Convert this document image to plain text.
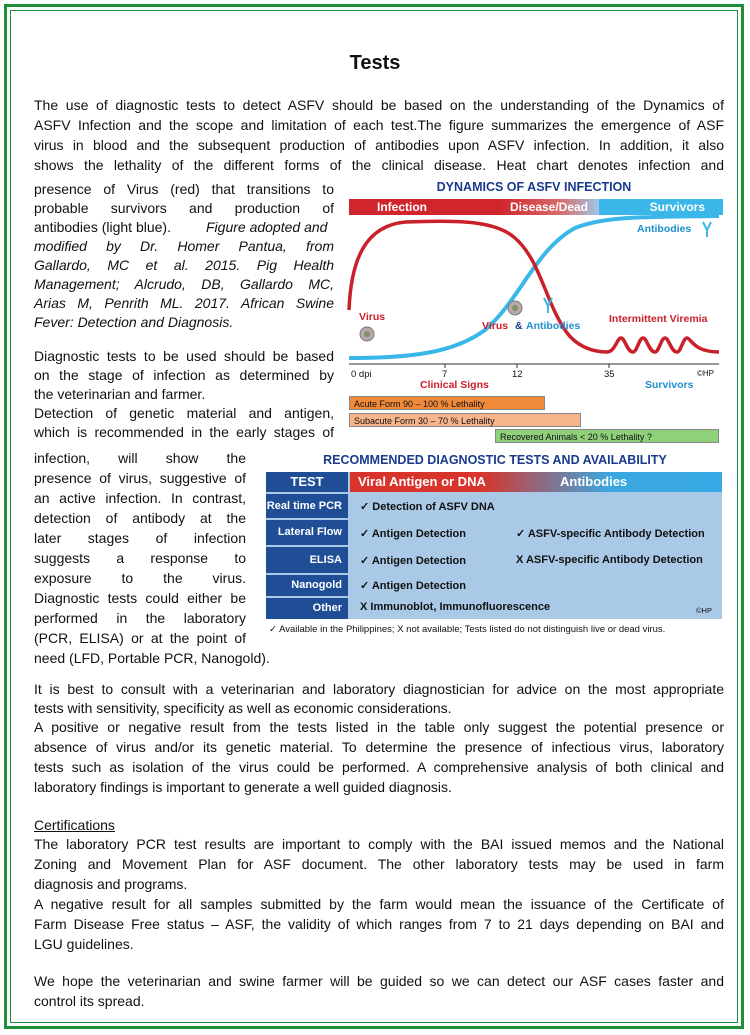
Tests
The use of diagnostic tests to detect ASFV should be based on the understanding of the Dynamics of
ASFV Infection and the scope and limitation of each test.The figure summarizes the emergence of ASF
virus in blood and the subsequent production of antibodies upon ASFV infection. In addition, it also
shows the lethality of the different forms of the clinical disease. Heat chart denotes infection and
presence of Virus (red) that transitions to
probable survivors and production of
antibodies (light blue).	Figure adopted and
modified by Dr. Homer Pantua, from
Gallardo, MC et al. 2015. Pig Health
Management; Alcrudo, DB, Gallardo MC,
Arias M, Penrith ML. 2017. African Swine
Fever: Detection and Diagnosis.
Diagnostic tests to be used should be based
on the stage of infection as determined by
the veterinarian and farmer.
Detection of genetic material and antigen,
which is recommended in the early stages of
infection, will show the
presence of virus, suggestive of
an active infection. In contrast,
detection of antibody at the
later stages of infection
suggests a response to
exposure to the virus.
Diagnostic tests could either be
performed in the laboratory
(PCR, ELISA) or at the point of
need (LFD, Portable PCR, Nanogold).
DYNAMICS OF ASFV INFECTION
Infection	Disease/Dead	Survivors
Antibodies
Virus
Virus & Antibodies
Intermittent Viremia
0 dpi	7	12	35	©HP
Clinical Signs	Survivors
Acute Form 90 – 100 % Lethality
Subacute Form 30 – 70 % Lethality
Recovered Animals < 20 % Lethality ?
RECOMMENDED DIAGNOSTIC TESTS AND AVAILABILITY
TEST	Viral Antigen or DNA	Antibodies
Real time PCR	✓ Detection of ASFV DNA
Lateral Flow	✓ Antigen Detection	✓ ASFV-specific Antibody Detection
ELISA	✓ Antigen Detection	X ASFV-specific Antibody Detection
Nanogold	✓ Antigen Detection
Other	X Immunoblot, Immunofluorescence	©HP
✓ Available in the Philippines; X not available; Tests listed do not distinguish live or dead virus.
It is best to consult with a veterinarian and laboratory diagnostician for advice on the most appropriate
tests with sensitivity, specificity as well as economic considerations.
A positive or negative result from the tests listed in the table only suggest the potential presence or
absence of virus and/or its genetic material. To determine the presence of infectious virus, laboratory
tests such as isolation of the virus could be performed. A comprehensive analysis of both clinical and
laboratory findings is important to generate a well guided diagnosis.
Certifications
The laboratory PCR test results are important to comply with the BAI issued memos and the National
Zoning and Movement Plan for ASF document. The other laboratory tests may be used in farm
diagnosis and programs.
A negative result for all samples submitted by the farm would mean the issuance of the Certificate of
Farm Disease Free status – ASF, the validity of which ranges from 7 to 21 days depending on BAI and
LGU guidelines.
We hope the veterinarian and swine farmer will be guided so we can detect our ASF cases faster and
control its spread.
